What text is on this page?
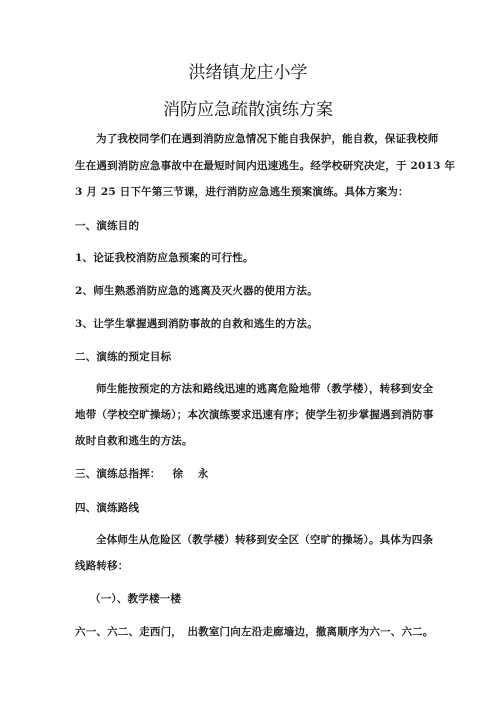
洪绪镇龙庄小学
消防应急疏散演练方案
为了我校同学们在遇到消防应急情况下能自我保护，能自救，保证我校师
生在遇到消防应急事故中在最短时间内迅速逃生。经学校研究决定，于 2013 年
3 月 25 日下午第三节课，进行消防应急逃生预案演练。具体方案为：
一、演练目的
1、论证我校消防应急预案的可行性。
2、师生熟悉消防应急的逃离及灭火器的使用方法。
3、让学生掌握遇到消防事故的自救和逃生的方法。
二、演练的预定目标
师生能按预定的方法和路线迅速的逃离危险地带（教学楼），转移到安全
地带（学校空旷操场）；本次演练要求迅速有序；使学生初步掌握遇到消防事
故时自救和逃生的方法。
三、演练总指挥： 徐　 永
四、演练路线
全体师生从危险区（教学楼）转移到安全区（空旷的操场）。具体为四条
线路转移：
（一）、教学楼一楼
六一、六二、走西门，　出教室门向左沿走廊墙边，撤离顺序为六一、六二。
